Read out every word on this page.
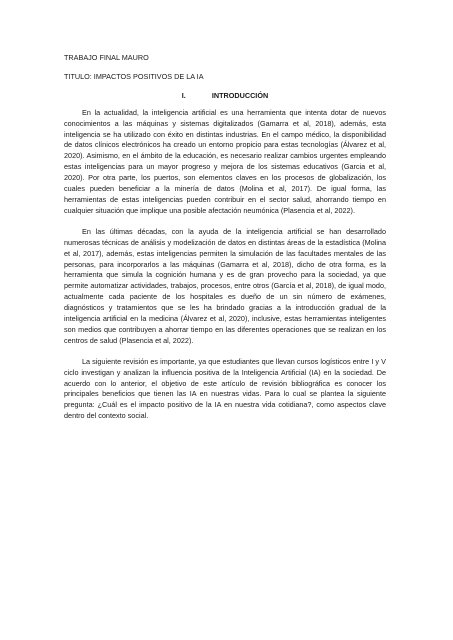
TRABAJO FINAL MAURO

TITULO: IMPACTOS POSITIVOS DE LA IA

I.	INTRODUCCIÓN

En la actualidad, la inteligencia artificial es una herramienta que intenta dotar de nuevos conocimientos a las máquinas y sistemas digitalizados (Gamarra et al, 2018), además, esta inteligencia se ha utilizado con éxito en distintas industrias. En el campo médico, la disponibilidad de datos clínicos electrónicos ha creado un entorno propicio para estas tecnologías (Álvarez et al, 2020). Asimismo, en el ámbito de la educación, es necesario realizar cambios urgentes empleando estas inteligencias para un mayor progreso y mejora de los sistemas educativos (Garcia et al, 2020). Por otra parte, los puertos, son elementos claves en los procesos de globalización, los cuales pueden beneficiar a la minería de datos (Molina et al, 2017). De igual forma, las herramientas de estas inteligencias pueden contribuir en el sector salud, ahorrando tiempo en cualquier situación que implique una posible afectación neumónica (Plasencia et al, 2022).

En las últimas décadas, con la ayuda de la inteligencia artificial se han desarrollado numerosas técnicas de análisis y modelización de datos en distintas áreas de la estadística (Molina et al, 2017), además, estas inteligencias permiten la simulación de las facultades mentales de las personas, para incorporarlos a las máquinas (Gamarra et al, 2018), dicho de otra forma, es la herramienta que simula la cognición humana y es de gran provecho para la sociedad, ya que permite automatizar actividades, trabajos, procesos, entre otros (García et al, 2018), de igual modo, actualmente cada paciente de los hospitales es dueño de un sin número de exámenes, diagnósticos y tratamientos que se les ha brindado gracias a la introducción gradual de la inteligencia artificial en la medicina (Álvarez et al, 2020), inclusive, estas herramientas inteligentes son medios que contribuyen a ahorrar tiempo en las diferentes operaciones que se realizan en los centros de salud (Plasencia et al, 2022).

La siguiente revisión es importante, ya que estudiantes que llevan cursos logísticos entre I y V ciclo investigan y analizan la influencia positiva de la Inteligencia Artificial (IA) en la sociedad. De acuerdo con lo anterior, el objetivo de este artículo de revisión bibliográfica es conocer los principales beneficios que tienen las IA en nuestras vidas. Para lo cual se plantea la siguiente pregunta: ¿Cuál es el impacto positivo de la IA en nuestra vida cotidiana?, como aspectos clave dentro del contexto social.
